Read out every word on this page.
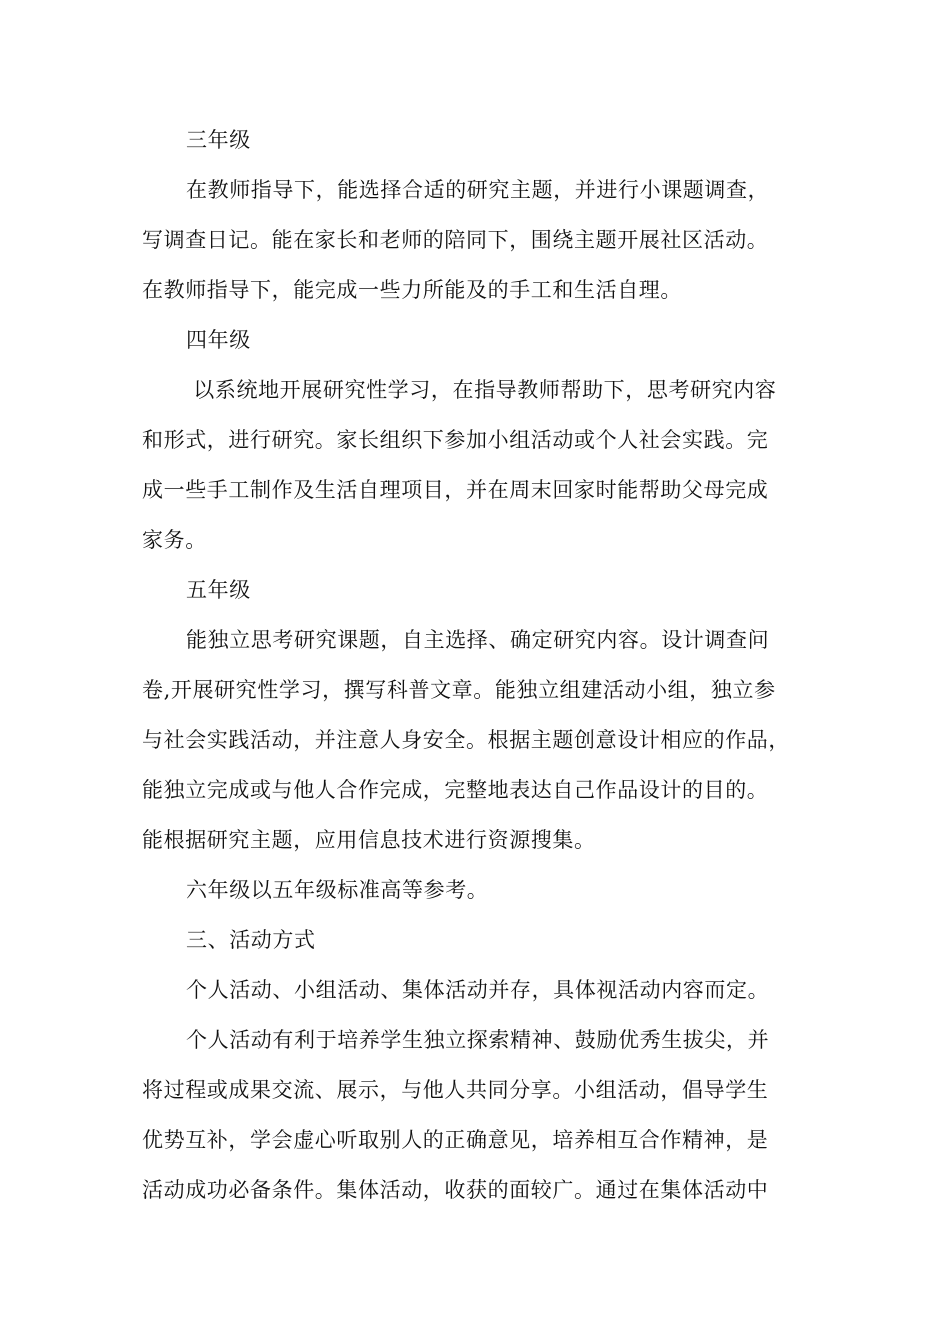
三年级
在教师指导下，能选择合适的研究主题，并进行小课题调查，
写调查日记。能在家长和老师的陪同下，围绕主题开展社区活动。
在教师指导下，能完成一些力所能及的手工和生活自理。
四年级
以系统地开展研究性学习，在指导教师帮助下，思考研究内容
和形式，进行研究。家长组织下参加小组活动或个人社会实践。完
成一些手工制作及生活自理项目，并在周末回家时能帮助父母完成
家务。
五年级
能独立思考研究课题，自主选择、确定研究内容。设计调查问
卷,开展研究性学习，撰写科普文章。能独立组建活动小组，独立参
与社会实践活动，并注意人身安全。根据主题创意设计相应的作品，
能独立完成或与他人合作完成，完整地表达自己作品设计的目的。
能根据研究主题，应用信息技术进行资源搜集。
六年级以五年级标准高等参考。
三、活动方式
个人活动、小组活动、集体活动并存，具体视活动内容而定。
个人活动有利于培养学生独立探索精神、鼓励优秀生拔尖，并
将过程或成果交流、展示，与他人共同分享。小组活动，倡导学生
优势互补，学会虚心听取别人的正确意见，培养相互合作精神，是
活动成功必备条件。集体活动，收获的面较广。通过在集体活动中
